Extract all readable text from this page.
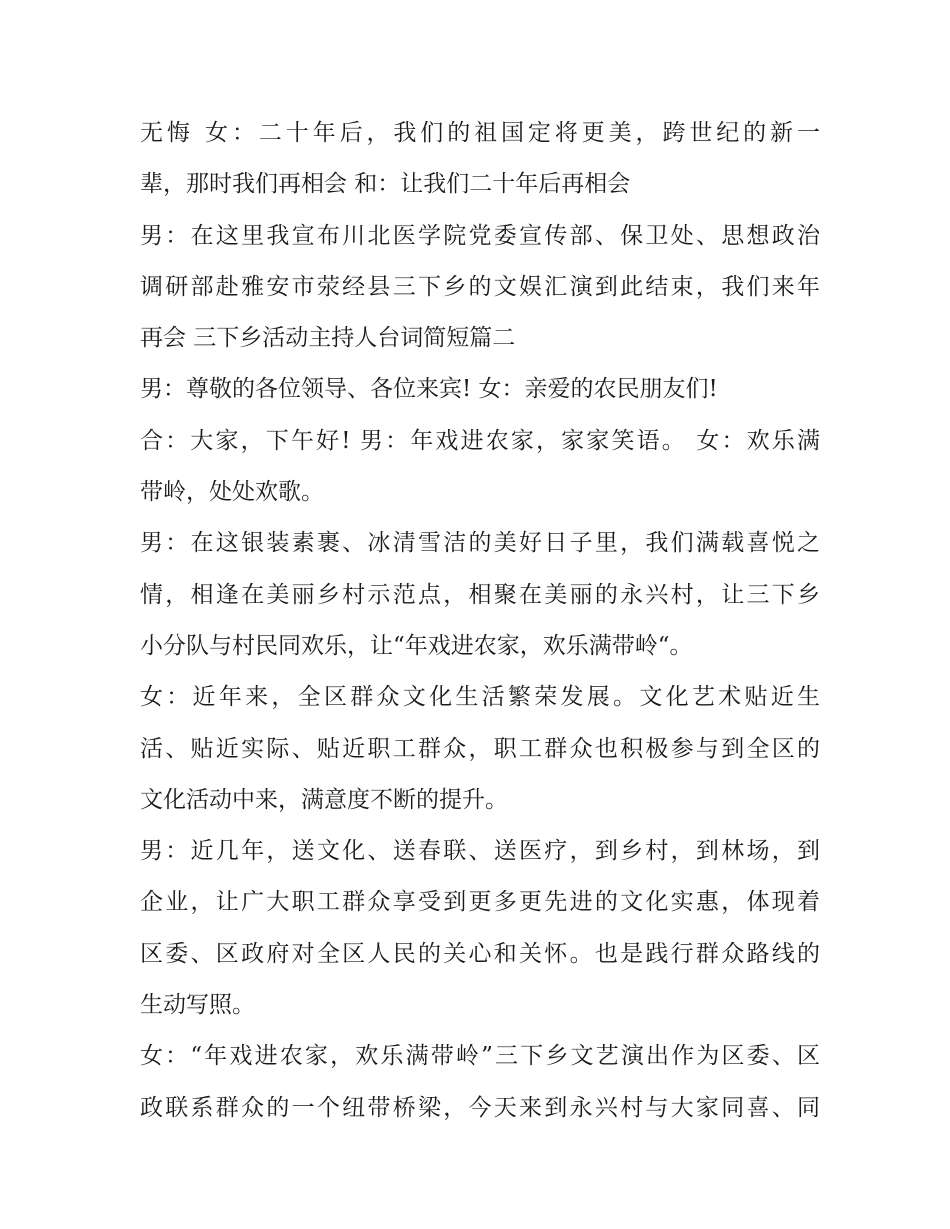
无悔 女：二十年后，我们的祖国定将更美，跨世纪的新一
辈，那时我们再相会 和：让我们二十年后再相会
男：在这里我宣布川北医学院党委宣传部、保卫处、思想政治
调研部赴雅安市荥经县三下乡的文娱汇演到此结束，我们来年
再会 三下乡活动主持人台词简短篇二
男：尊敬的各位领导、各位来宾! 女：亲爱的农民朋友们!
合：大家，下午好! 男：年戏进农家，家家笑语。 女：欢乐满
带岭，处处欢歌。
男：在这银装素裹、冰清雪洁的美好日子里，我们满载喜悦之
情，相逢在美丽乡村示范点，相聚在美丽的永兴村，让三下乡
小分队与村民同欢乐，让“年戏进农家，欢乐满带岭“。
女：近年来，全区群众文化生活繁荣发展。文化艺术贴近生
活、贴近实际、贴近职工群众，职工群众也积极参与到全区的
文化活动中来，满意度不断的提升。
男：近几年，送文化、送春联、送医疗，到乡村，到林场，到
企业，让广大职工群众享受到更多更先进的文化实惠，体现着
区委、区政府对全区人民的关心和关怀。也是践行群众路线的
生动写照。
女：“年戏进农家，欢乐满带岭”三下乡文艺演出作为区委、区
政联系群众的一个纽带桥梁，今天来到永兴村与大家同喜、同
